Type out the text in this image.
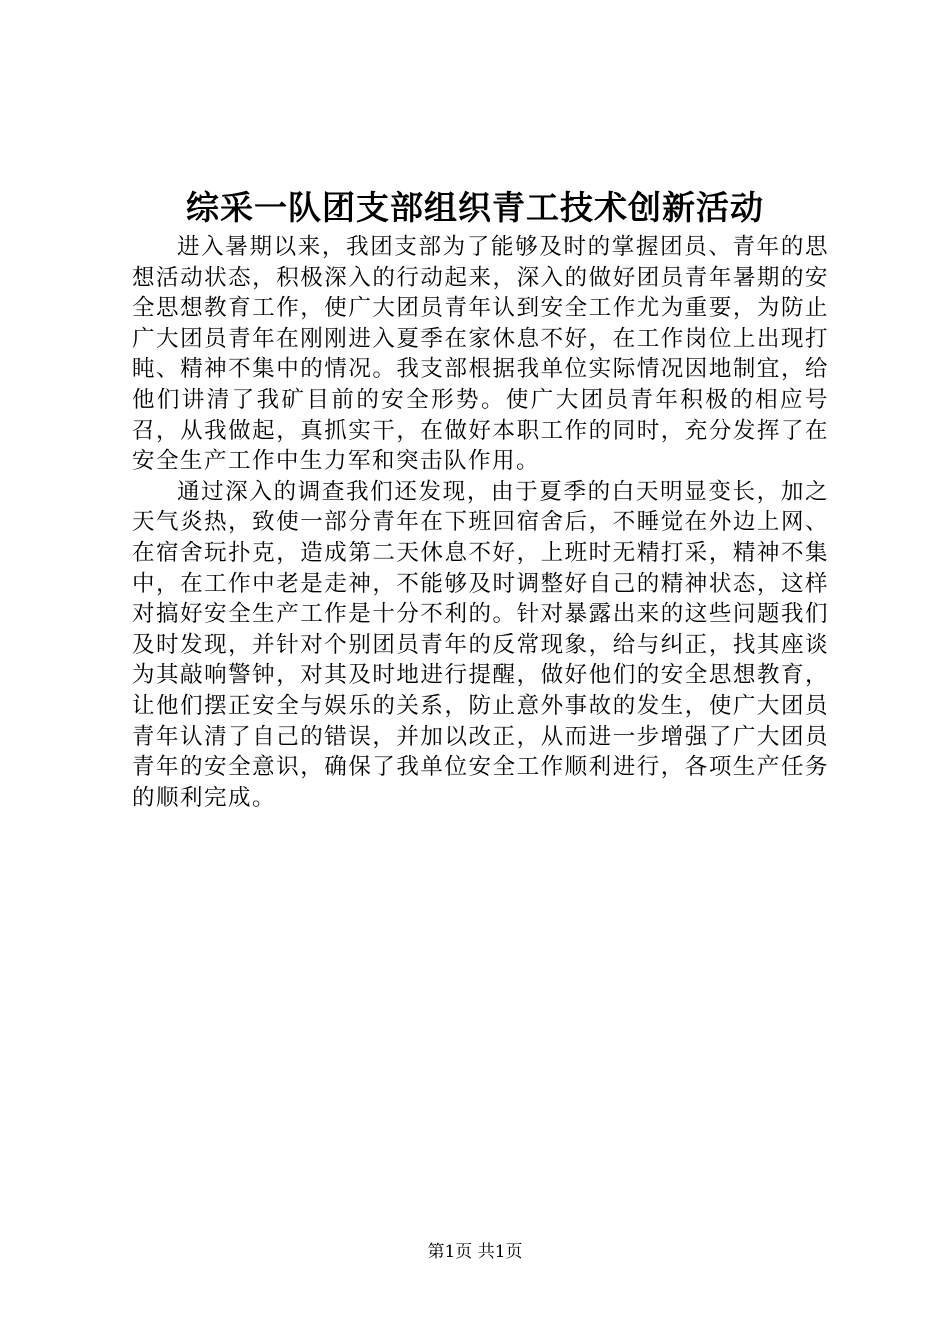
综采一队团支部组织青工技术创新活动

进入暑期以来，我团支部为了能够及时的掌握团员、青年的思想活动状态，积极深入的行动起来，深入的做好团员青年暑期的安全思想教育工作，使广大团员青年认到安全工作尤为重要，为防止广大团员青年在刚刚进入夏季在家休息不好，在工作岗位上出现打盹、精神不集中的情况。我支部根据我单位实际情况因地制宜，给他们讲清了我矿目前的安全形势。使广大团员青年积极的相应号召，从我做起，真抓实干，在做好本职工作的同时，充分发挥了在安全生产工作中生力军和突击队作用。

通过深入的调查我们还发现，由于夏季的白天明显变长，加之天气炎热，致使一部分青年在下班回宿舍后，不睡觉在外边上网、在宿舍玩扑克，造成第二天休息不好，上班时无精打采，精神不集中，在工作中老是走神，不能够及时调整好自己的精神状态，这样对搞好安全生产工作是十分不利的。针对暴露出来的这些问题我们及时发现，并针对个别团员青年的反常现象，给与纠正，找其座谈为其敲响警钟，对其及时地进行提醒，做好他们的安全思想教育，让他们摆正安全与娱乐的关系，防止意外事故的发生，使广大团员青年认清了自己的错误，并加以改正，从而进一步增强了广大团员青年的安全意识，确保了我单位安全工作顺利进行，各项生产任务的顺利完成。

第1页 共1页
